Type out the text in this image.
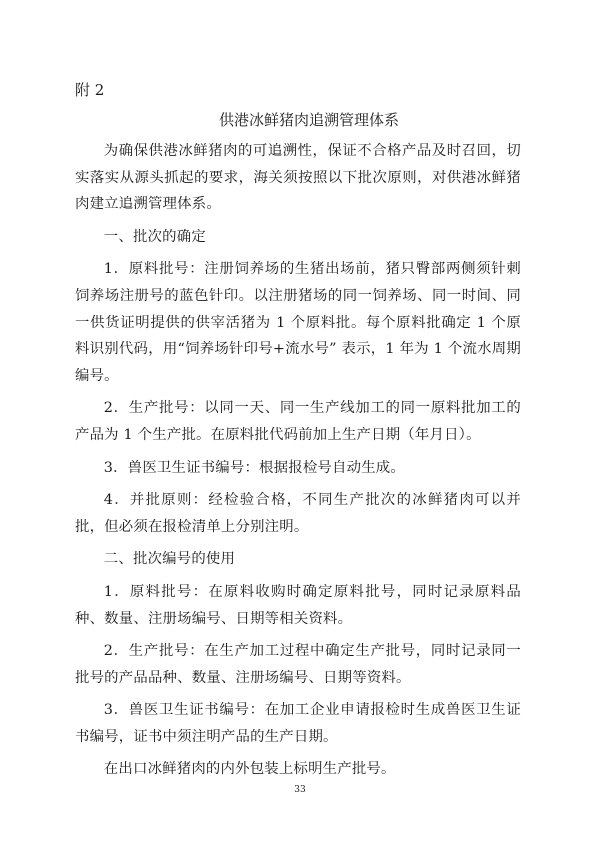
附 2
供港冰鲜猪肉追溯管理体系

为确保供港冰鲜猪肉的可追溯性，保证不合格产品及时召回，切实落实从源头抓起的要求，海关须按照以下批次原则，对供港冰鲜猪肉建立追溯管理体系。

一、批次的确定

1．原料批号：注册饲养场的生猪出场前，猪只臀部两侧须针刺饲养场注册号的蓝色针印。以注册猪场的同一饲养场、同一时间、同一供货证明提供的供宰活猪为 1 个原料批。每个原料批确定 1 个原料识别代码，用“饲养场针印号+流水号” 表示，1 年为 1 个流水周期编号。

2．生产批号：以同一天、同一生产线加工的同一原料批加工的产品为 1 个生产批。在原料批代码前加上生产日期（年月日）。

3．兽医卫生证书编号：根据报检号自动生成。

4．并批原则：经检验合格，不同生产批次的冰鲜猪肉可以并批，但必须在报检清单上分别注明。

二、批次编号的使用

1．原料批号：在原料收购时确定原料批号，同时记录原料品种、数量、注册场编号、日期等相关资料。

2．生产批号：在生产加工过程中确定生产批号，同时记录同一批号的产品品种、数量、注册场编号、日期等资料。

3．兽医卫生证书编号：在加工企业申请报检时生成兽医卫生证书编号，证书中须注明产品的生产日期。

在出口冰鲜猪肉的内外包装上标明生产批号。

33
